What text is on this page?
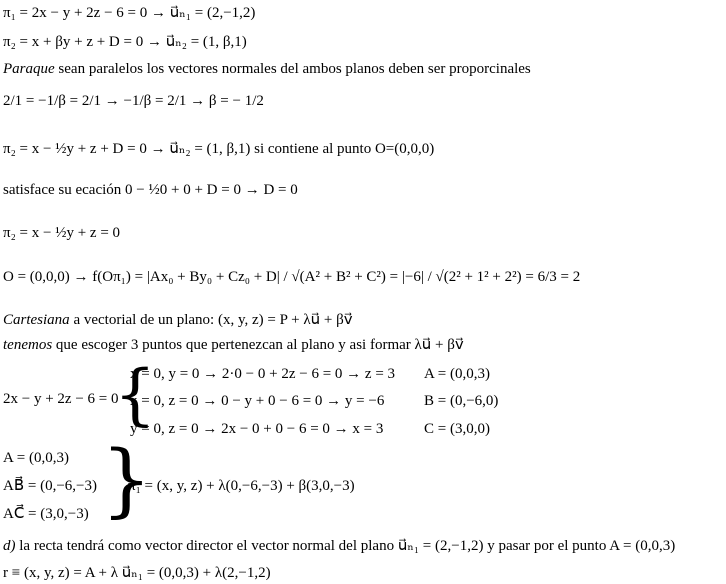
π₁ = 2x − y + 2z − 6 = 0 → u⃗ₙ₁ = (2,−1,2)
π₂ = x + βy + z + D = 0 → u⃗ₙ₂ = (1, β,1)
Paraque sean paralelos los vectores normales del ambos planos deben ser proporcinales
2/1 = −1/β = 2/1 → −1/β = 2/1 → β = − 1/2
π₂ = x − ½y + z + D = 0 → u⃗ₙ₂ = (1, β,1) si contiene al punto O=(0,0,0)
satisface su ecación 0 − ½0 + 0 + D = 0 → D = 0
π₂ = x − ½y + z = 0
O = (0,0,0) → f(Oπ₁) = |Ax₀ + By₀ + Cz₀ + D| / √(A² + B² + C²) = |−6| / √(2² + 1² + 2²) = 6/3 = 2
Cartesiana a vectorial de un plano: (x, y, z) = P + λu⃗ + βv⃗
tenemos que escoger 3 puntos que pertenezcan al plano y asi formar λu⃗ + βv⃗
2x − y + 2z − 6 = 0
{
x = 0, y = 0 → 2·0 − 0 + 2z − 6 = 0 → z = 3 A = (0,0,3)
x = 0, z = 0 → 0 − y + 0 − 6 = 0 → y = −6	B = (0,−6,0)
y = 0, z = 0 → 2x − 0 + 0 − 6 = 0 → x = 3	C = (3,0,0)
A = (0,0,3)
AB⃗ = (0,−6,−3)
AC⃗ = (3,0,−3) }
π₁ = (x, y, z) + λ(0,−6,−3) + β(3,0,−3)
d) la recta tendrá como vector director el vector normal del plano u⃗ₙ₁ = (2,−1,2) y pasar por el punto A = (0,0,3)
r ≡ (x, y, z) = A + λ u⃗ₙ₁ = (0,0,3) + λ(2,−1,2)
